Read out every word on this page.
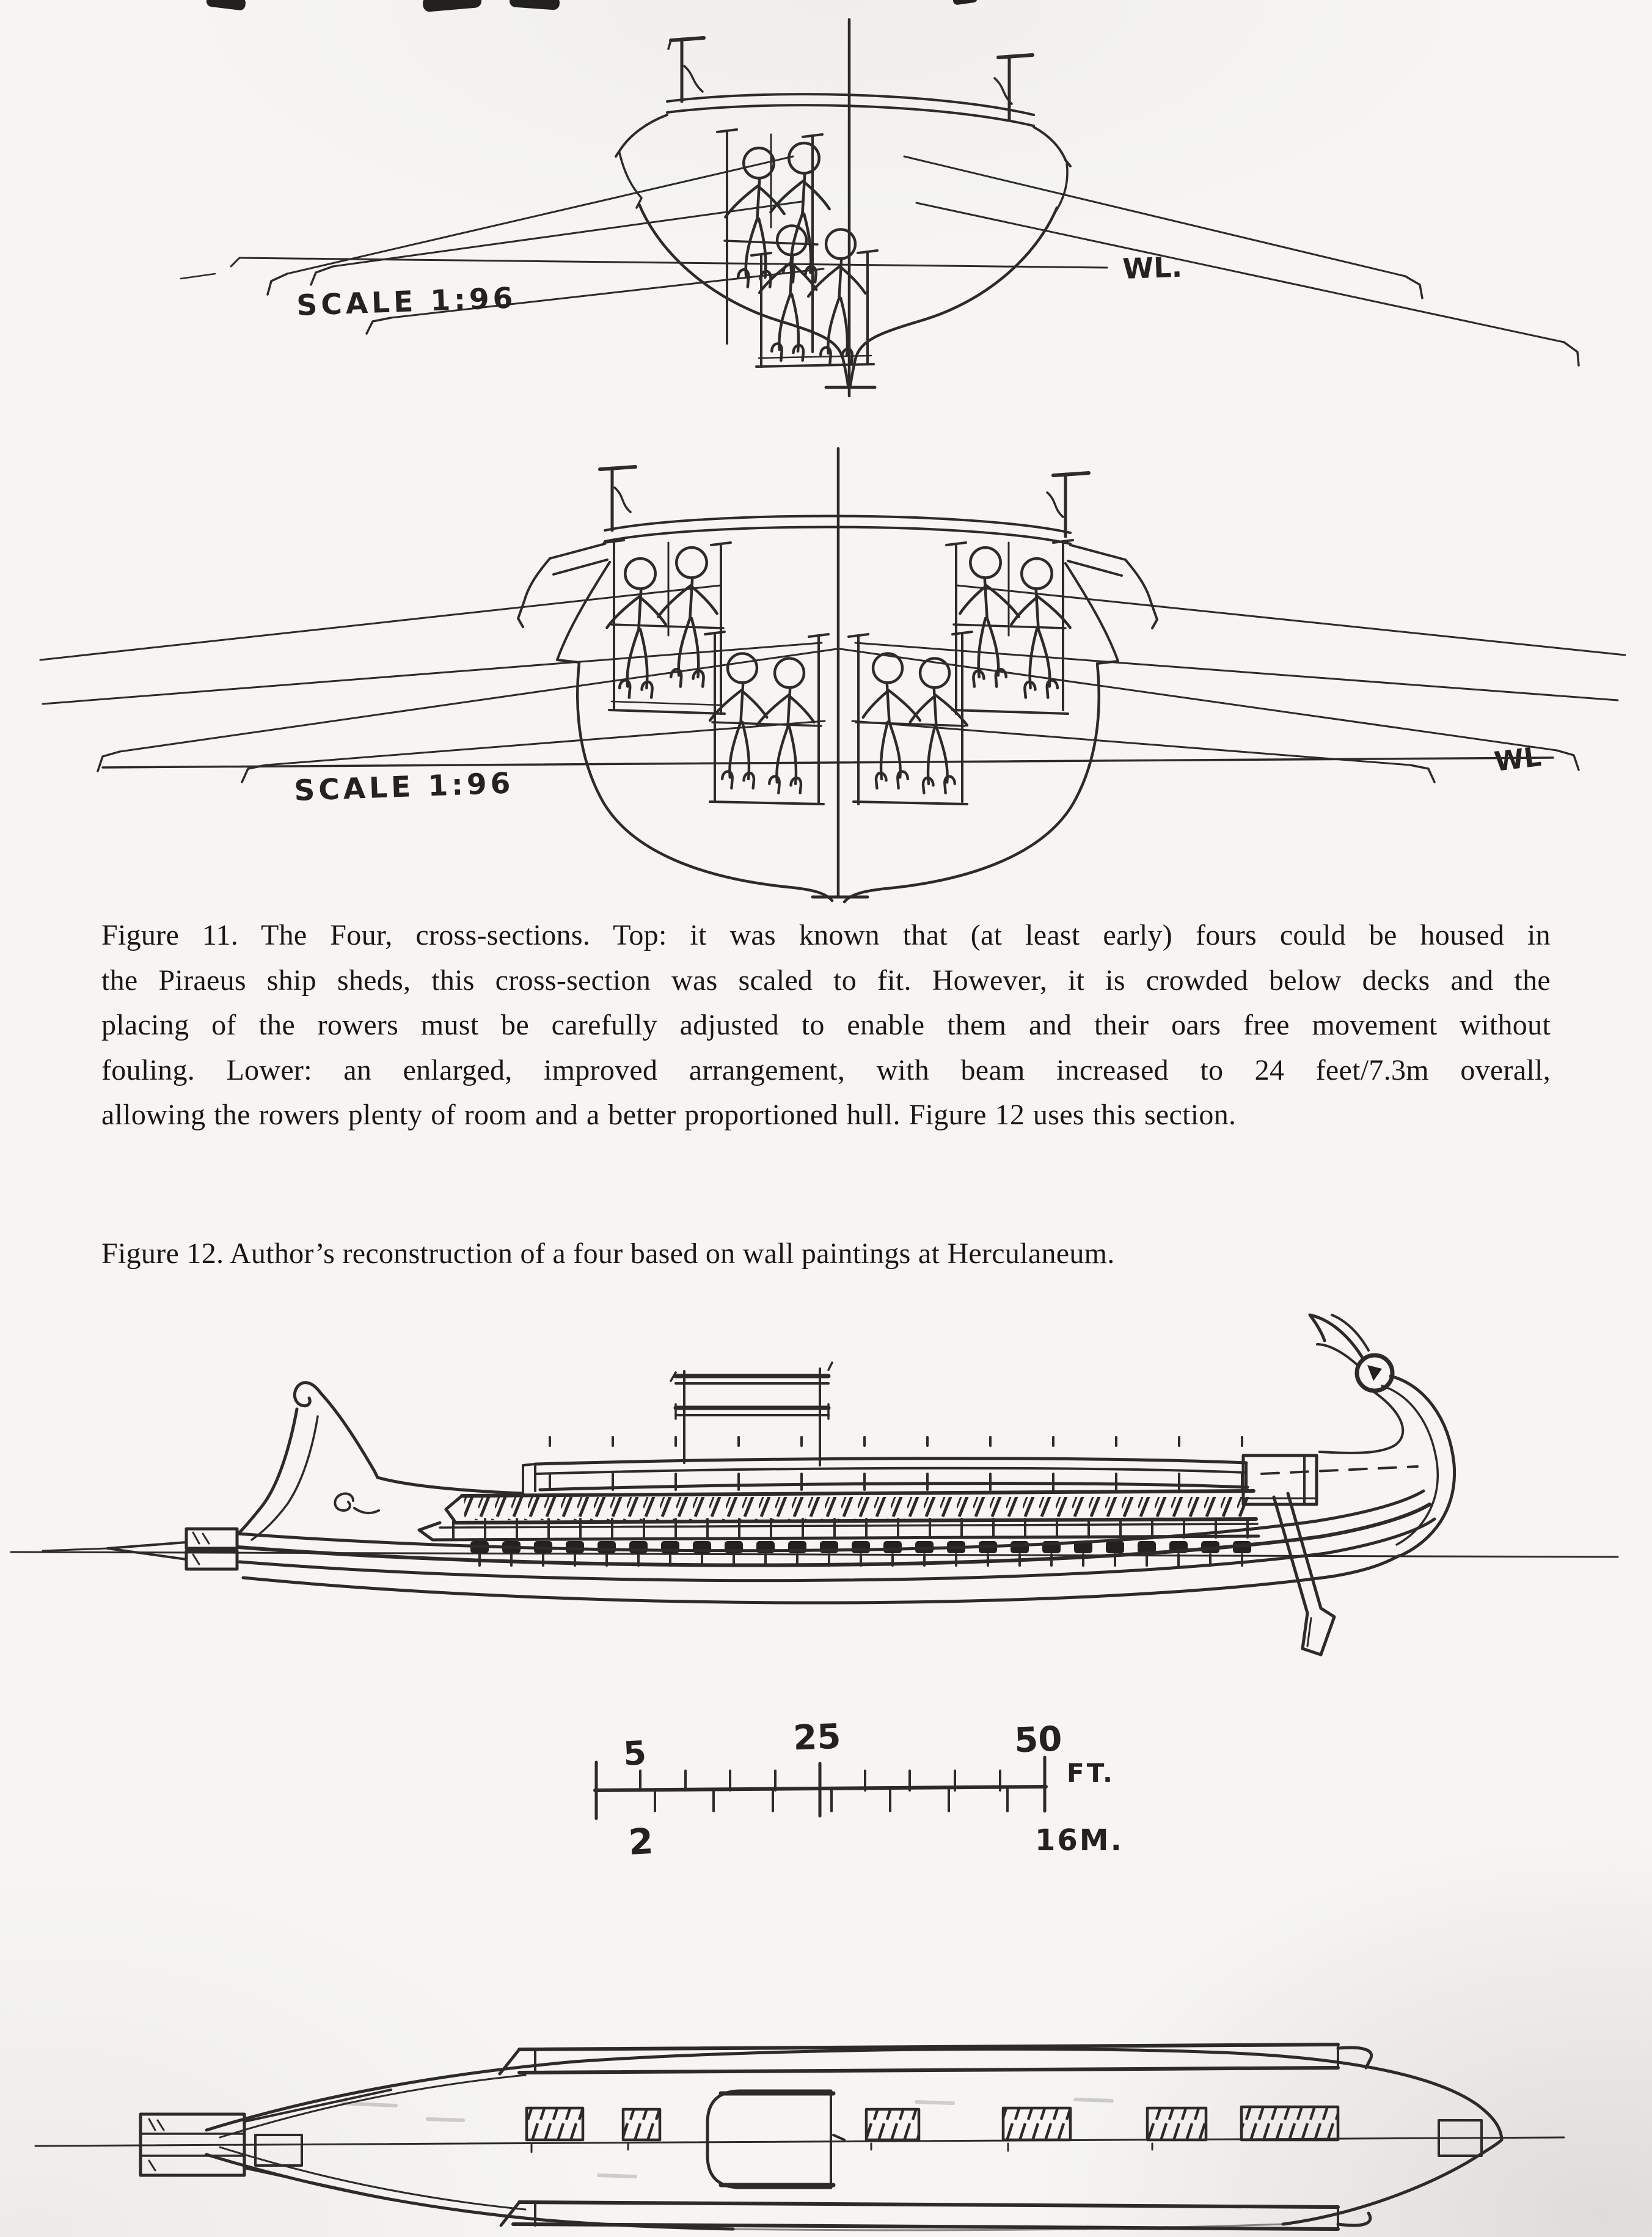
WL.
SCALE 1:96
WL
SCALE 1:96
5	25	50
FT.
2	16M.
Figure 11. The Four, cross-sections. Top: it was known that (at least early) fours could be housed in
the Piraeus ship sheds, this cross-section was scaled to fit. However, it is crowded below decks and the
placing of the rowers must be carefully adjusted to enable them and their oars free movement without
fouling. Lower: an enlarged, improved arrangement, with beam increased to 24 feet/7.3m overall,
allowing the rowers plenty of room and a better proportioned hull. Figure 12 uses this section.
Figure 12. Author’s reconstruction of a four based on wall paintings at Herculaneum.
